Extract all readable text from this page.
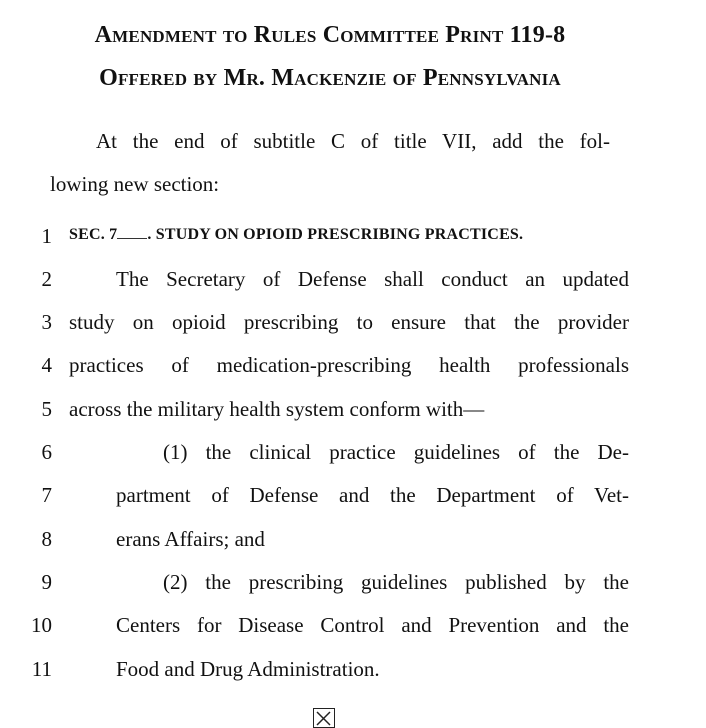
Amendment to Rules Committee Print 119-8
Offered by Mr. Mackenzie of Pennsylvania
At the end of subtitle C of title VII, add the fol-
lowing new section:
1 SEC. 7 . STUDY ON OPIOID PRESCRIBING PRACTICES.
2	The Secretary of Defense shall conduct an updated
3 study on opioid prescribing to ensure that the provider
4 practices of medication-prescribing health professionals
5 across the military health system conform with—
6	(1) the clinical practice guidelines of the De-
7	partment of Defense and the Department of Vet-
8	erans Affairs; and
9	(2) the prescribing guidelines published by the
10	Centers for Disease Control and Prevention and the
11	Food and Drug Administration.
